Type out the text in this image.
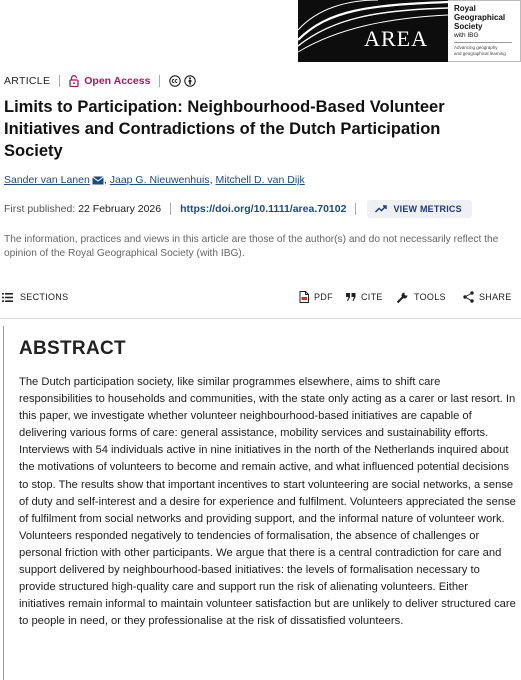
AREA
Royal
Geographical
Society
with IBG
Advancing geography
and geographical learning
ARTICLE	Open Access
Limits to Participation: Neighbourhood-Based Volunteer Initiatives and Contradictions of the Dutch Participation Society
Sander van Lanen , Jaap G. Nieuwenhuis , Mitchell D. van Dijk
First published: 22 February 2026 https://doi.org/10.1111/area.70102	VIEW METRICS

The information, practices and views in this article are those of the author(s) and do not necessarily reflect the opinion of the Royal Geographical Society (with IBG).

SECTIONS	PDF	CITE	TOOLS	SHARE
ABSTRACT

The Dutch participation society, like similar programmes elsewhere, aims to shift care responsibilities to households and communities, with the state only acting as a carer or last resort. In this paper, we investigate whether volunteer neighbourhood-based initiatives are capable of delivering various forms of care: general assistance, mobility services and sustainability efforts. Interviews with 54 individuals active in nine initiatives in the north of the Netherlands inquired about the motivations of volunteers to become and remain active, and what influenced potential decisions to stop. The results show that important incentives to start volunteering are social networks, a sense of duty and self-interest and a desire for experience and fulfilment. Volunteers appreciated the sense of fulfilment from social networks and providing support, and the informal nature of volunteer work. Volunteers responded negatively to tendencies of formalisation, the absence of challenges or personal friction with other participants. We argue that there is a central contradiction for care and support delivered by neighbourhood-based initiatives: the levels of formalisation necessary to provide structured high-quality care and support run the risk of alienating volunteers. Either initiatives remain informal to maintain volunteer satisfaction but are unlikely to deliver structured care to people in need, or they professionalise at the risk of dissatisfied volunteers.
